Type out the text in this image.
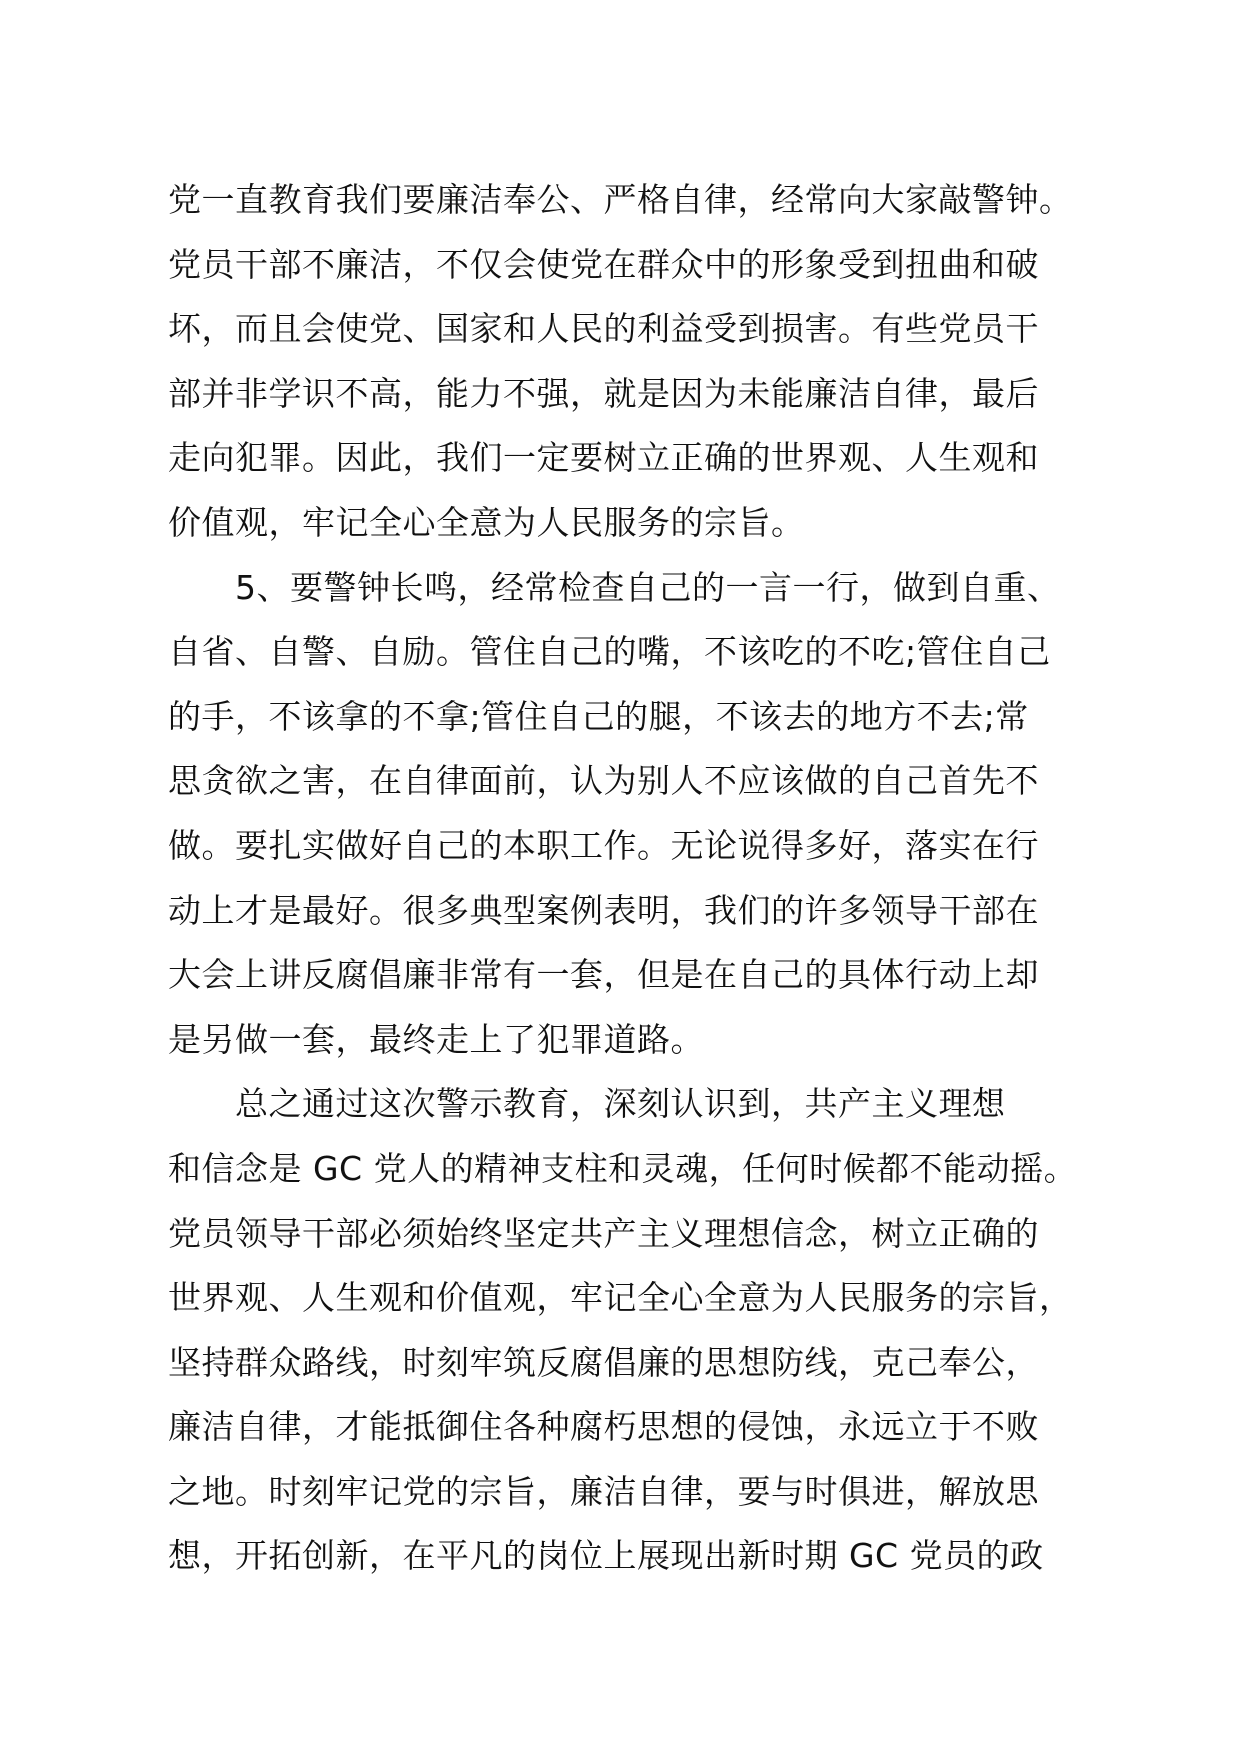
党一直教育我们要廉洁奉公、严格自律，经常向大家敲警钟。
党员干部不廉洁，不仅会使党在群众中的形象受到扭曲和破
坏，而且会使党、国家和人民的利益受到损害。有些党员干
部并非学识不高，能力不强，就是因为未能廉洁自律，最后
走向犯罪。因此，我们一定要树立正确的世界观、人生观和
价值观，牢记全心全意为人民服务的宗旨。
　　5、要警钟长鸣，经常检查自己的一言一行，做到自重、
自省、自警、自励。管住自己的嘴，不该吃的不吃;管住自己
的手，不该拿的不拿;管住自己的腿，不该去的地方不去;常
思贪欲之害，在自律面前，认为别人不应该做的自己首先不
做。要扎实做好自己的本职工作。无论说得多好，落实在行
动上才是最好。很多典型案例表明，我们的许多领导干部在
大会上讲反腐倡廉非常有一套，但是在自己的具体行动上却
是另做一套，最终走上了犯罪道路。
　　总之通过这次警示教育，深刻认识到，共产主义理想
和信念是 GC 党人的精神支柱和灵魂，任何时候都不能动摇。
党员领导干部必须始终坚定共产主义理想信念，树立正确的
世界观、人生观和价值观，牢记全心全意为人民服务的宗旨，
坚持群众路线，时刻牢筑反腐倡廉的思想防线，克己奉公，
廉洁自律，才能抵御住各种腐朽思想的侵蚀，永远立于不败
之地。时刻牢记党的宗旨，廉洁自律，要与时俱进，解放思
想，开拓创新，在平凡的岗位上展现出新时期 GC 党员的政
